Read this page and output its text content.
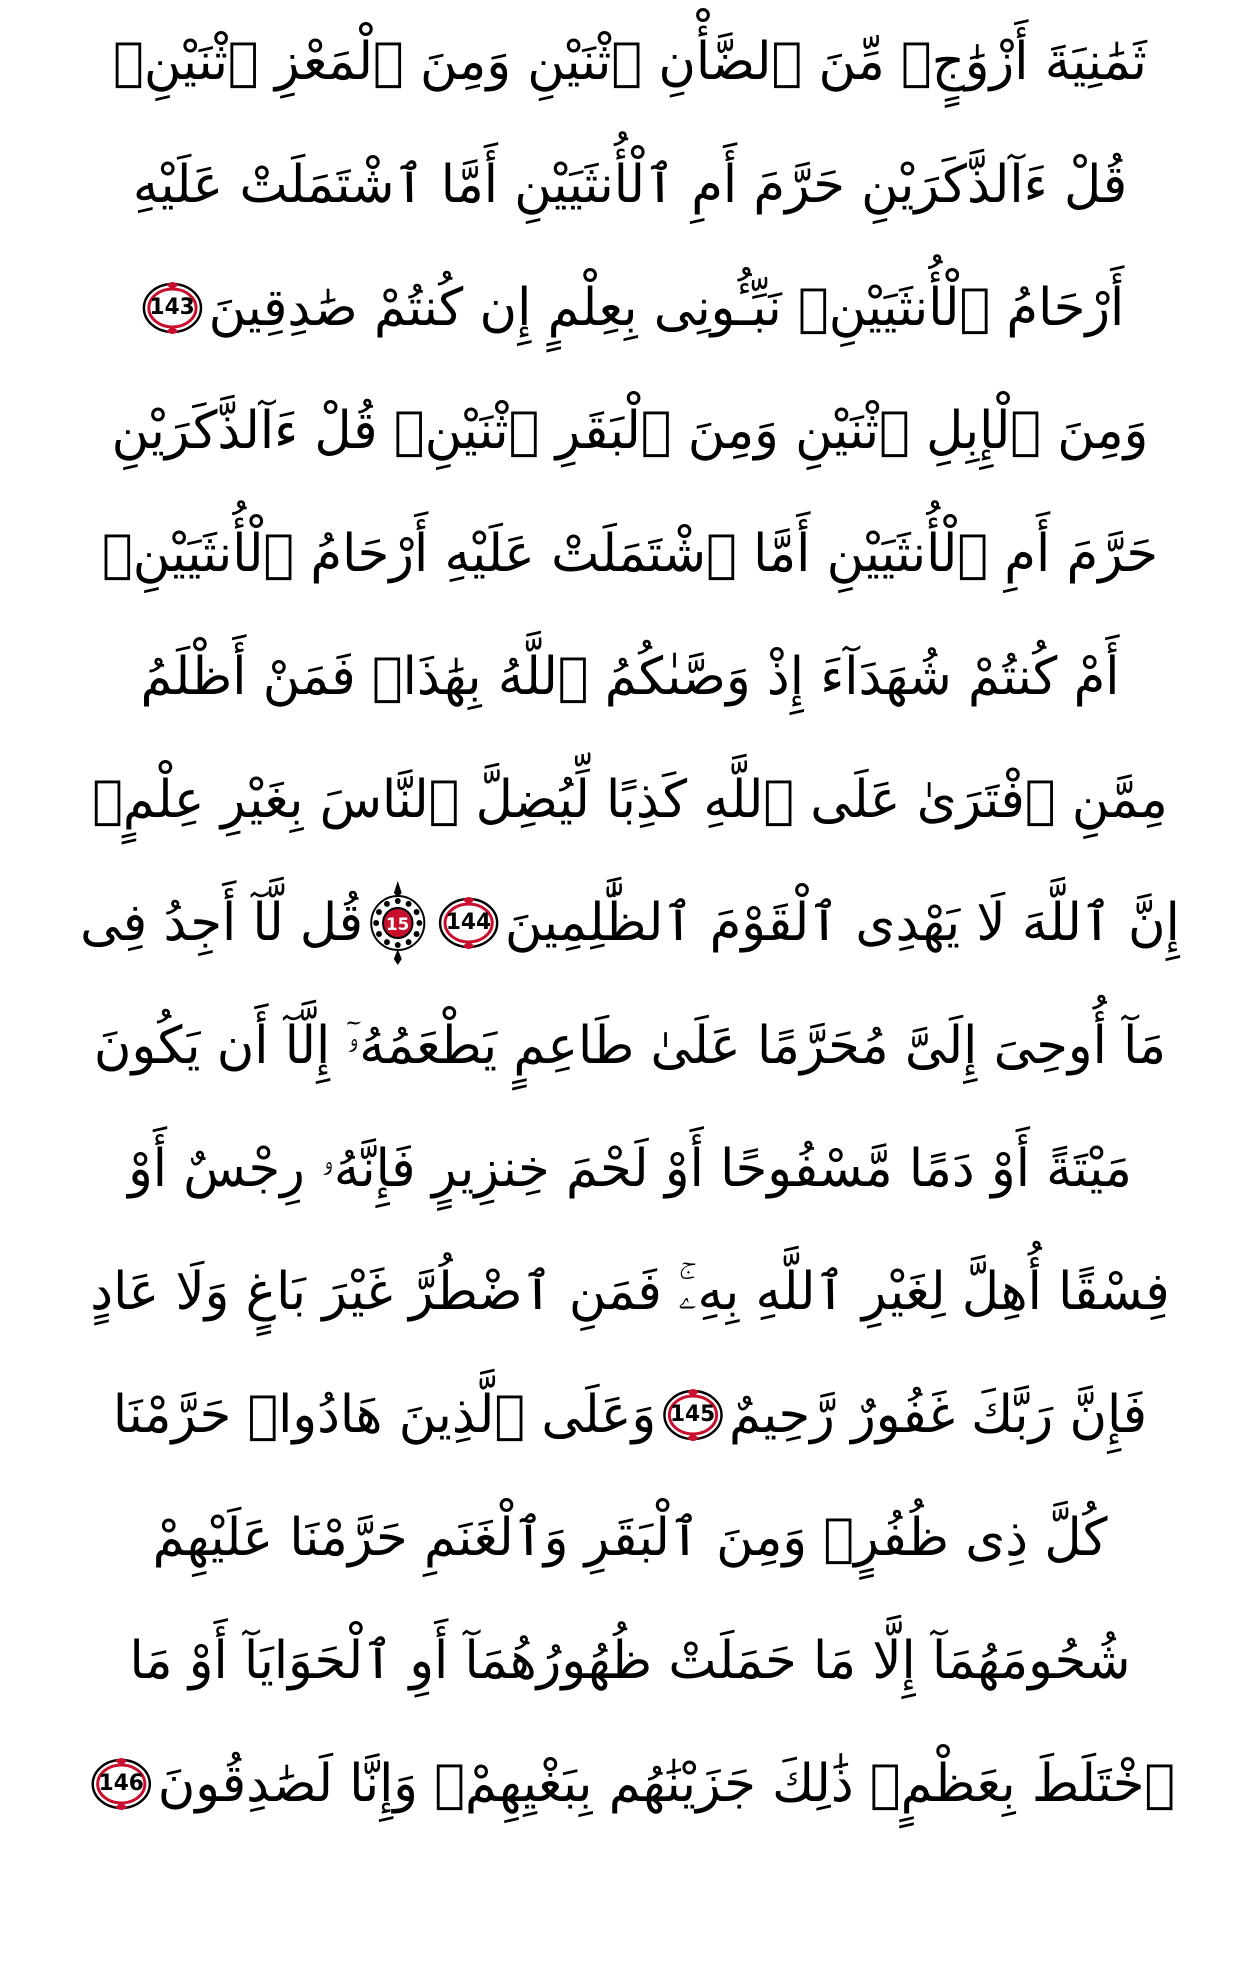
ثَمَٰنِيَةَ أَزْوَٰجٍۖ مِّنَ ٱلضَّأْنِ ٱثْنَيْنِ وَمِنَ ٱلْمَعْزِ ٱثْنَيْنِۗ
قُلْ ءَآلذَّكَرَيْنِ حَرَّمَ أَمِ ٱلْأُنثَيَيْنِ أَمَّا ٱشْتَمَلَتْ عَلَيْهِ
أَرْحَامُ ٱلْأُنثَيَيْنِۖ نَبِّـُٔونِى بِعِلْمٍ إِن كُنتُمْ صَٰدِقِينَ
143
وَمِنَ ٱلْإِبِلِ ٱثْنَيْنِ وَمِنَ ٱلْبَقَرِ ٱثْنَيْنِۗ قُلْ ءَآلذَّكَرَيْنِ
حَرَّمَ أَمِ ٱلْأُنثَيَيْنِ أَمَّا ٱشْتَمَلَتْ عَلَيْهِ أَرْحَامُ ٱلْأُنثَيَيْنِۖ
أَمْ كُنتُمْ شُهَدَآءَ إِذْ وَصَّىٰكُمُ ٱللَّهُ بِهَٰذَاۚ فَمَنْ أَظْلَمُ
مِمَّنِ ٱفْتَرَىٰ عَلَى ٱللَّهِ كَذِبًا لِّيُضِلَّ ٱلنَّاسَ بِغَيْرِ عِلْمٍۗ
إِنَّ ٱللَّهَ لَا يَهْدِى ٱلْقَوْمَ ٱلظَّٰلِمِينَ
144
15
قُل لَّآ أَجِدُ فِى
مَآ أُوحِىَ إِلَىَّ مُحَرَّمًا عَلَىٰ طَاعِمٍ يَطْعَمُهُۥٓ إِلَّآ أَن يَكُونَ
مَيْتَةً أَوْ دَمًا مَّسْفُوحًا أَوْ لَحْمَ خِنزِيرٍ فَإِنَّهُۥ رِجْسٌ أَوْ
فِسْقًا أُهِلَّ لِغَيْرِ ٱللَّهِ بِهِۦۚ فَمَنِ ٱضْطُرَّ غَيْرَ بَاغٍ وَلَا عَادٍ
فَإِنَّ رَبَّكَ غَفُورٌ رَّحِيمٌ
145
وَعَلَى ٱلَّذِينَ هَادُوا۟ حَرَّمْنَا
كُلَّ ذِى ظُفُرٍۖ وَمِنَ ٱلْبَقَرِ وَٱلْغَنَمِ حَرَّمْنَا عَلَيْهِمْ
شُحُومَهُمَآ إِلَّا مَا حَمَلَتْ ظُهُورُهُمَآ أَوِ ٱلْحَوَايَآ أَوْ مَا
ٱخْتَلَطَ بِعَظْمٍۚ ذَٰلِكَ جَزَيْنَٰهُم بِبَغْيِهِمْۖ وَإِنَّا لَصَٰدِقُونَ
146
